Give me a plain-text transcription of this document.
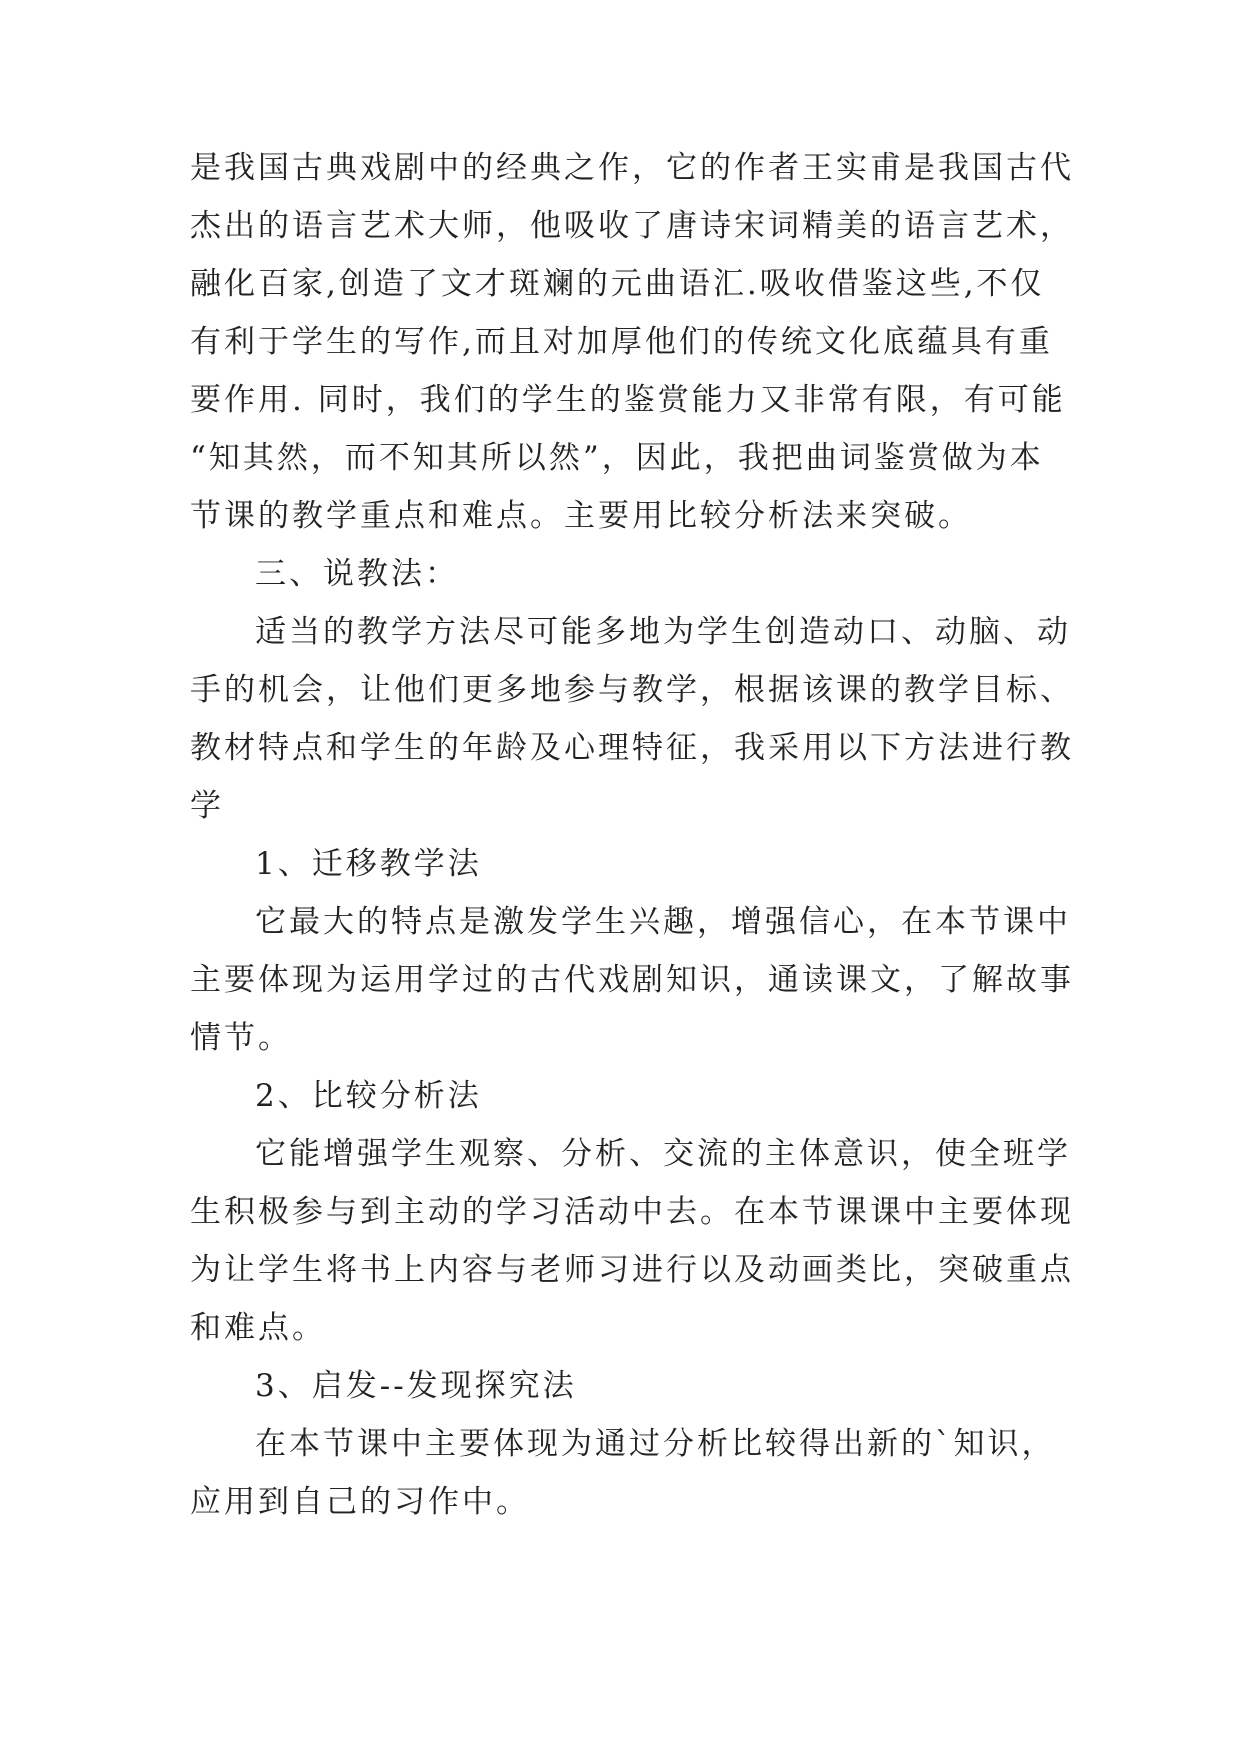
是我国古典戏剧中的经典之作，它的作者王实甫是我国古代
杰出的语言艺术大师，他吸收了唐诗宋词精美的语言艺术，
融化百家,创造了文才斑斓的元曲语汇.吸收借鉴这些,不仅
有利于学生的写作,而且对加厚他们的传统文化底蕴具有重
要作用. 同时，我们的学生的鉴赏能力又非常有限，有可能
“知其然，而不知其所以然”，因此，我把曲词鉴赏做为本
节课的教学重点和难点。主要用比较分析法来突破。
三、说教法：
适当的教学方法尽可能多地为学生创造动口、动脑、动
手的机会，让他们更多地参与教学，根据该课的教学目标、
教材特点和学生的年龄及心理特征，我采用以下方法进行教
学
1、迁移教学法
它最大的特点是激发学生兴趣，增强信心，在本节课中
主要体现为运用学过的古代戏剧知识，通读课文，了解故事
情节。
2、比较分析法
它能增强学生观察、分析、交流的主体意识，使全班学
生积极参与到主动的学习活动中去。在本节课课中主要体现
为让学生将书上内容与老师习进行以及动画类比，突破重点
和难点。
3、启发--发现探究法
在本节课中主要体现为通过分析比较得出新的`知识，
应用到自己的习作中。
